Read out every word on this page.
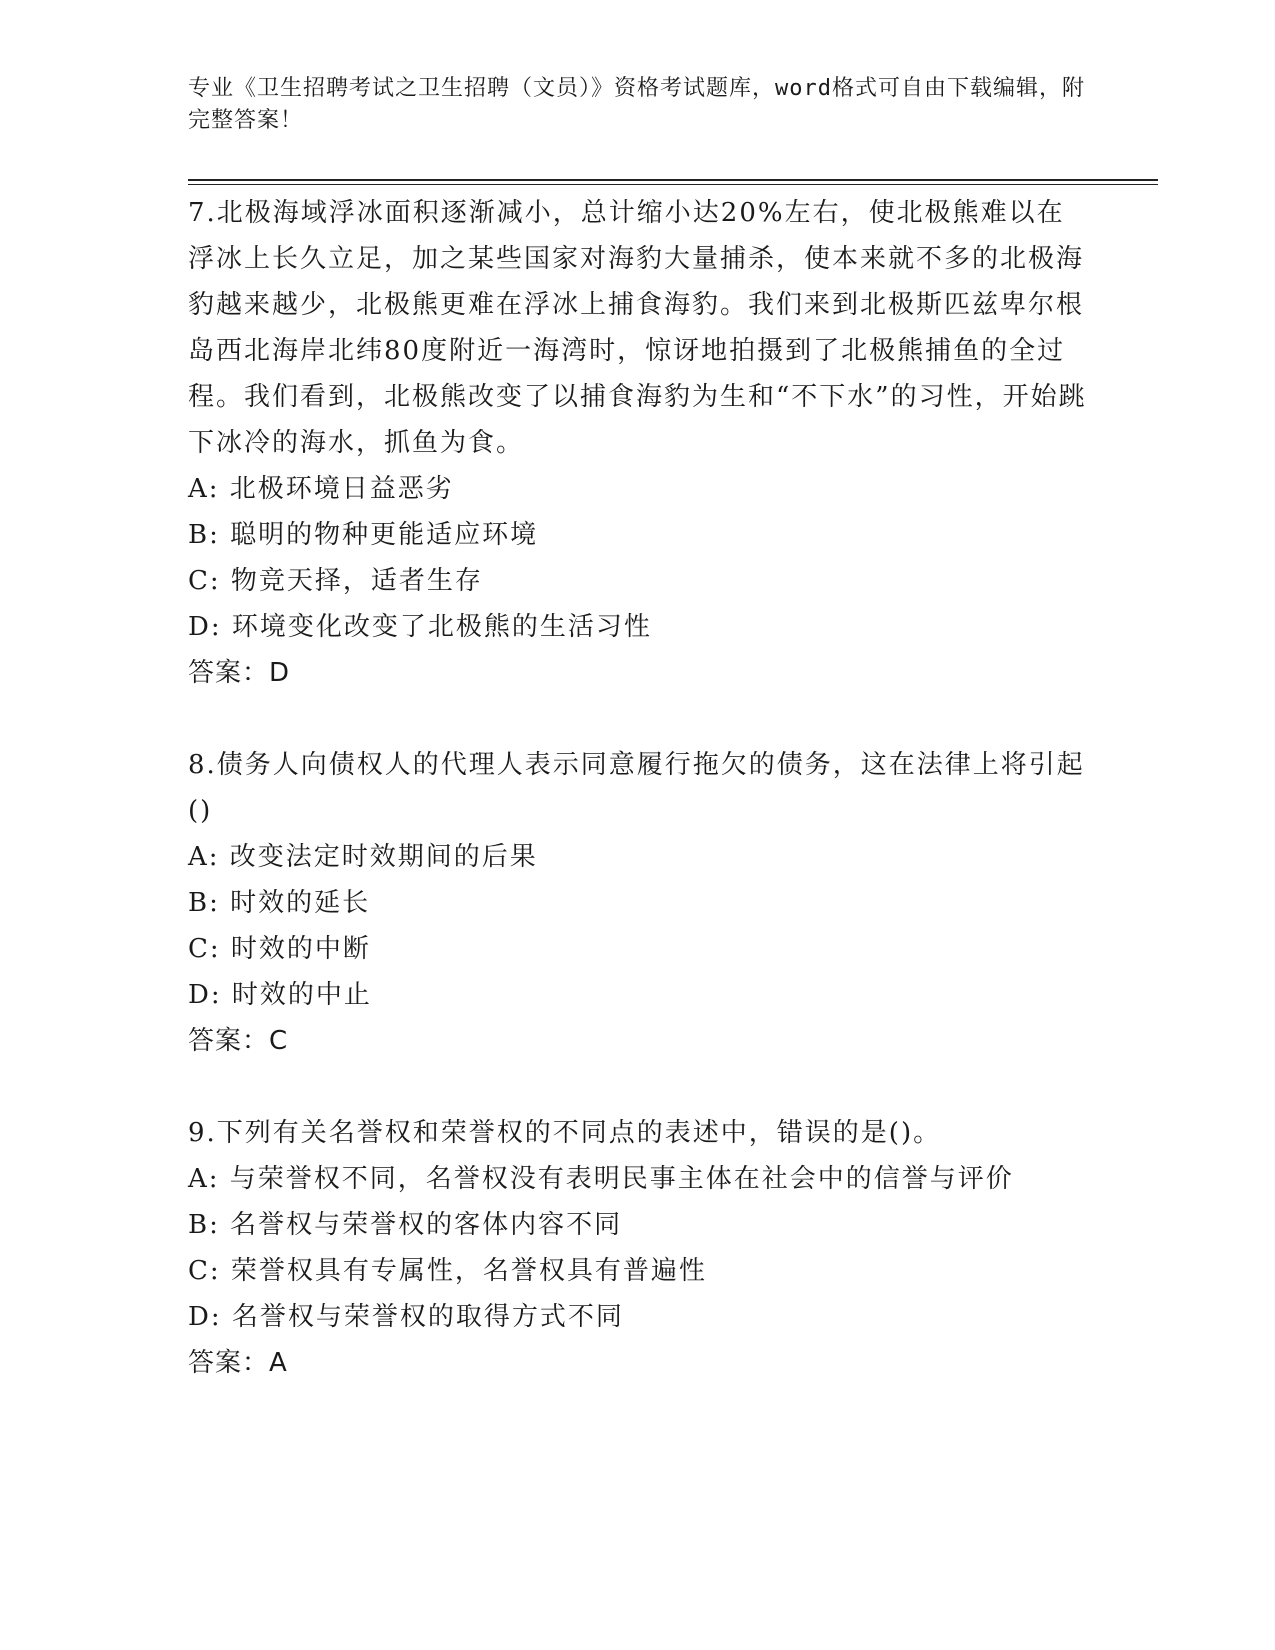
专业《卫生招聘考试之卫生招聘（文员）》资格考试题库，word格式可自由下载编辑，附完整答案！

7.北极海域浮冰面积逐渐减小，总计缩小达20%左右，使北极熊难以在浮冰上长久立足，加之某些国家对海豹大量捕杀，使本来就不多的北极海豹越来越少，北极熊更难在浮冰上捕食海豹。我们来到北极斯匹兹卑尔根岛西北海岸北纬80度附近一海湾时，惊讶地拍摄到了北极熊捕鱼的全过程。我们看到，北极熊改变了以捕食海豹为生和“不下水”的习性，开始跳下冰冷的海水，抓鱼为食。

A: 北极环境日益恶劣

B: 聪明的物种更能适应环境

C: 物竞天择，适者生存

D: 环境变化改变了北极熊的生活习性

答案：D

8.债务人向债权人的代理人表示同意履行拖欠的债务，这在法律上将引起()

A: 改变法定时效期间的后果

B: 时效的延长

C: 时效的中断

D: 时效的中止

答案：C

9.下列有关名誉权和荣誉权的不同点的表述中，错误的是()。

A: 与荣誉权不同，名誉权没有表明民事主体在社会中的信誉与评价

B: 名誉权与荣誉权的客体内容不同

C: 荣誉权具有专属性，名誉权具有普遍性

D: 名誉权与荣誉权的取得方式不同

答案：A
